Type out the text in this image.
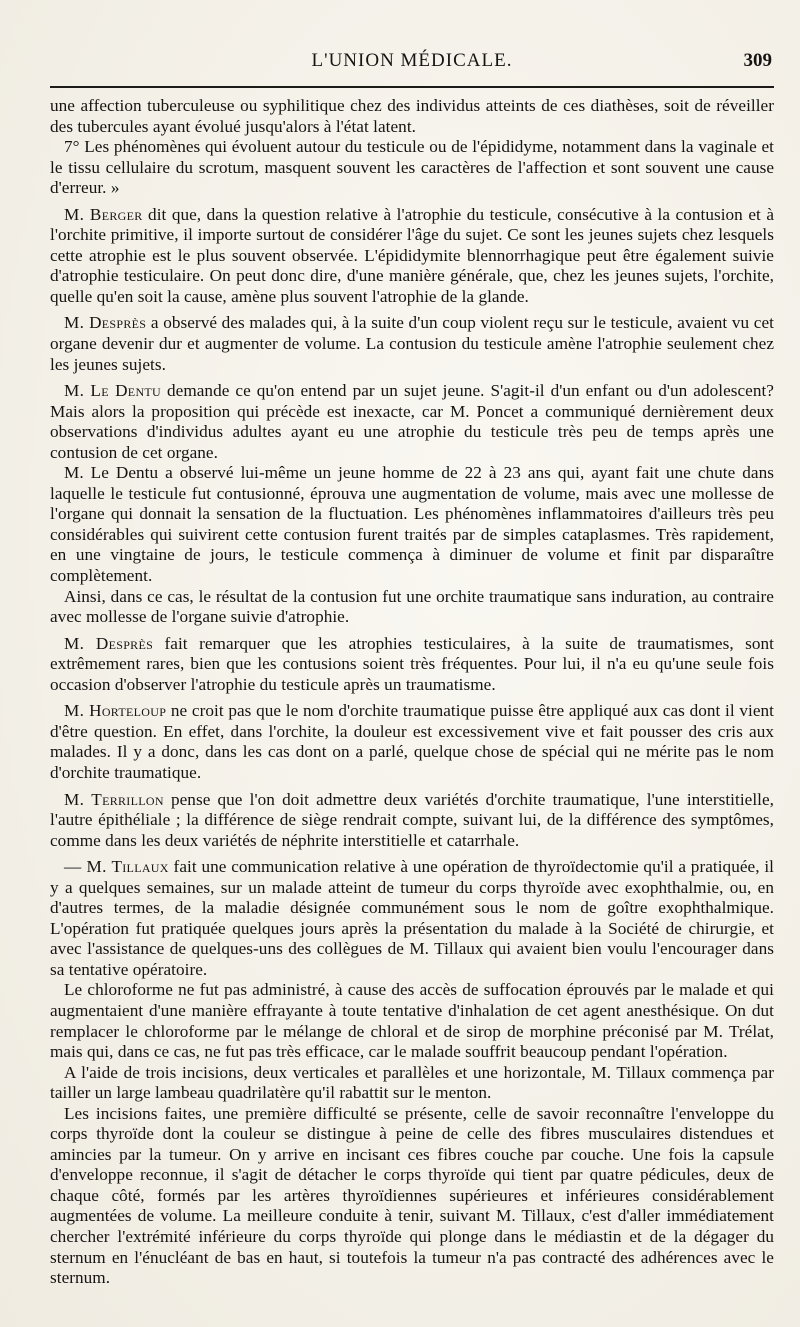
L'UNION MÉDICALE.	309

une affection tuberculeuse ou syphilitique chez des individus atteints de ces diathèses, soit de réveiller des tubercules ayant évolué jusqu'alors à l'état latent.

7° Les phénomènes qui évoluent autour du testicule ou de l'épididyme, notamment dans la vaginale et le tissu cellulaire du scrotum, masquent souvent les caractères de l'affection et sont souvent une cause d'erreur. »

M. Berger dit que, dans la question relative à l'atrophie du testicule, consécutive à la contusion et à l'orchite primitive, il importe surtout de considérer l'âge du sujet. Ce sont les jeunes sujets chez lesquels cette atrophie est le plus souvent observée. L'épididymite blennorrhagique peut être également suivie d'atrophie testiculaire. On peut donc dire, d'une manière générale, que, chez les jeunes sujets, l'orchite, quelle qu'en soit la cause, amène plus souvent l'atrophie de la glande.

M. Desprès a observé des malades qui, à la suite d'un coup violent reçu sur le testicule, avaient vu cet organe devenir dur et augmenter de volume. La contusion du testicule amène l'atrophie seulement chez les jeunes sujets.

M. Le Dentu demande ce qu'on entend par un sujet jeune. S'agit-il d'un enfant ou d'un adolescent? Mais alors la proposition qui précède est inexacte, car M. Poncet a communiqué dernièrement deux observations d'individus adultes ayant eu une atrophie du testicule très peu de temps après une contusion de cet organe.

M. Le Dentu a observé lui-même un jeune homme de 22 à 23 ans qui, ayant fait une chute dans laquelle le testicule fut contusionné, éprouva une augmentation de volume, mais avec une mollesse de l'organe qui donnait la sensation de la fluctuation. Les phénomènes inflammatoires d'ailleurs très peu considérables qui suivirent cette contusion furent traités par de simples cataplasmes. Très rapidement, en une vingtaine de jours, le testicule commença à diminuer de volume et finit par disparaître complètement.

Ainsi, dans ce cas, le résultat de la contusion fut une orchite traumatique sans induration, au contraire avec mollesse de l'organe suivie d'atrophie.

M. Desprès fait remarquer que les atrophies testiculaires, à la suite de traumatismes, sont extrêmement rares, bien que les contusions soient très fréquentes. Pour lui, il n'a eu qu'une seule fois occasion d'observer l'atrophie du testicule après un traumatisme.

M. Horteloup ne croit pas que le nom d'orchite traumatique puisse être appliqué aux cas dont il vient d'être question. En effet, dans l'orchite, la douleur est excessivement vive et fait pousser des cris aux malades. Il y a donc, dans les cas dont on a parlé, quelque chose de spécial qui ne mérite pas le nom d'orchite traumatique.

M. Terrillon pense que l'on doit admettre deux variétés d'orchite traumatique, l'une interstitielle, l'autre épithéliale ; la différence de siège rendrait compte, suivant lui, de la différence des symptômes, comme dans les deux variétés de néphrite interstitielle et catarrhale.

— M. Tillaux fait une communication relative à une opération de thyroïdectomie qu'il a pratiquée, il y a quelques semaines, sur un malade atteint de tumeur du corps thyroïde avec exophthalmie, ou, en d'autres termes, de la maladie désignée communément sous le nom de goître exophthalmique. L'opération fut pratiquée quelques jours après la présentation du malade à la Société de chirurgie, et avec l'assistance de quelques-uns des collègues de M. Tillaux qui avaient bien voulu l'encourager dans sa tentative opératoire.

Le chloroforme ne fut pas administré, à cause des accès de suffocation éprouvés par le malade et qui augmentaient d'une manière effrayante à toute tentative d'inhalation de cet agent anesthésique. On dut remplacer le chloroforme par le mélange de chloral et de sirop de morphine préconisé par M. Trélat, mais qui, dans ce cas, ne fut pas très efficace, car le malade souffrit beaucoup pendant l'opération.

A l'aide de trois incisions, deux verticales et parallèles et une horizontale, M. Tillaux commença par tailler un large lambeau quadrilatère qu'il rabattit sur le menton.

Les incisions faites, une première difficulté se présente, celle de savoir reconnaître l'enveloppe du corps thyroïde dont la couleur se distingue à peine de celle des fibres musculaires distendues et amincies par la tumeur. On y arrive en incisant ces fibres couche par couche. Une fois la capsule d'enveloppe reconnue, il s'agit de détacher le corps thyroïde qui tient par quatre pédicules, deux de chaque côté, formés par les artères thyroïdiennes supérieures et inférieures considérablement augmentées de volume. La meilleure conduite à tenir, suivant M. Tillaux, c'est d'aller immédiatement chercher l'extrémité inférieure du corps thyroïde qui plonge dans le médiastin et de la dégager du sternum en l'énucléant de bas en haut, si toutefois la tumeur n'a pas contracté des adhérences avec le sternum.
